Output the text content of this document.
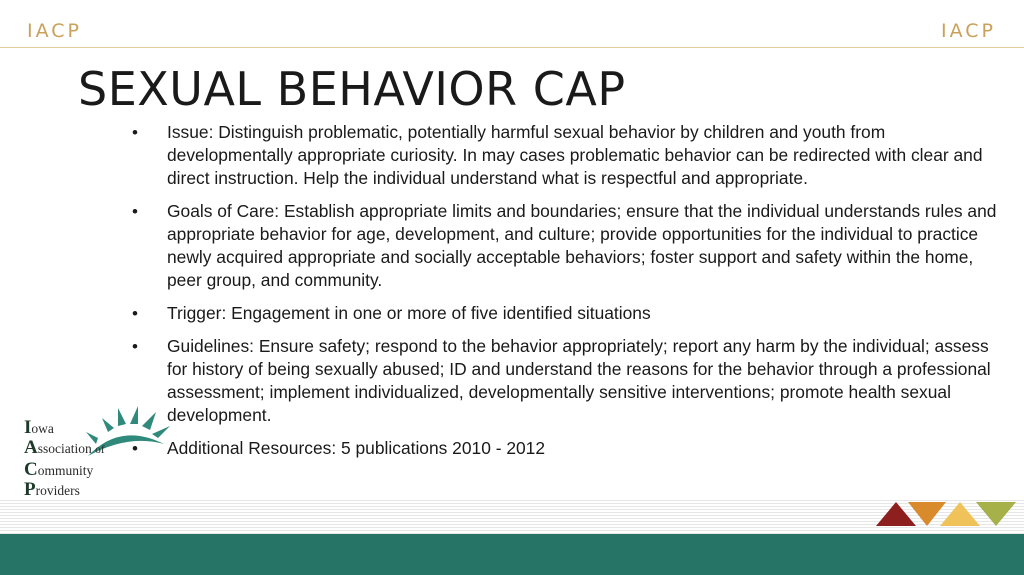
IACP	IACP
SEXUAL BEHAVIOR CAP
• Issue: Distinguish problematic, potentially harmful sexual behavior by children and youth from developmentally appropriate curiosity. In may cases problematic behavior can be redirected with clear and direct instruction. Help the individual understand what is respectful and appropriate.
• Goals of Care: Establish appropriate limits and boundaries; ensure that the individual understands rules and appropriate behavior for age, development, and culture; provide opportunities for the individual to practice newly acquired appropriate and socially acceptable behaviors; foster support and safety within the home, peer group, and community.
• Trigger: Engagement in one or more of five identified situations
• Guidelines: Ensure safety; respond to the behavior appropriately; report any harm by the individual; assess for history of being sexually abused; ID and understand the reasons for the behavior through a professional assessment; implement individualized, developmentally sensitive interventions; promote health sexual development.
• Additional Resources: 5 publications 2010 - 2012
Iowa
Association of
Community
Providers
